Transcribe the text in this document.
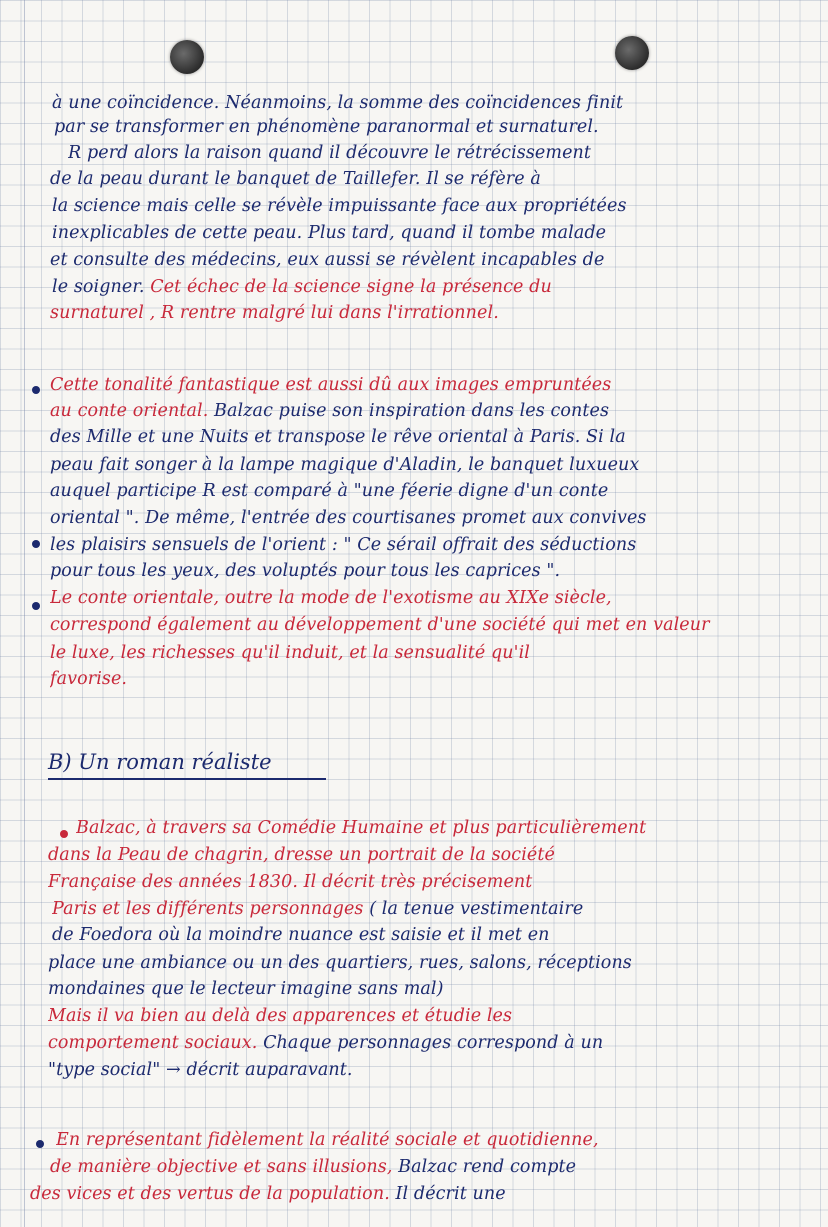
à une coïncidence. Néanmoins, la somme des coïncidences finit
par se transformer en phénomène paranormal et surnaturel.
R perd alors la raison quand il découvre le rétrécissement
de la peau durant le banquet de Taillefer. Il se réfère à
la science mais celle se révèle impuissante face aux propriétées
inexplicables de cette peau. Plus tard, quand il tombe malade
et consulte des médecins, eux aussi se révèlent incapables de
le soigner. Cet échec de la science signe la présence du
surnaturel , R rentre malgré lui dans l'irrationnel.
Cette tonalité fantastique est aussi dû aux images empruntées
au conte oriental. Balzac puise son inspiration dans les contes
des Mille et une Nuits et transpose le rêve oriental à Paris. Si la
peau fait songer à la lampe magique d'Aladin, le banquet luxueux
auquel participe R est comparé à "une féerie digne d'un conte
oriental ". De même, l'entrée des courtisanes promet aux convives
les plaisirs sensuels de l'orient : " Ce sérail offrait des séductions
pour tous les yeux, des voluptés pour tous les caprices ".
Le conte orientale, outre la mode de l'exotisme au XIXe siècle,
correspond également au développement d'une société qui met en valeur
le luxe, les richesses qu'il induit, et la sensualité qu'il
favorise.
B) Un roman réaliste
Balzac, à travers sa Comédie Humaine et plus particulièrement
dans la Peau de chagrin, dresse un portrait de la société
Française des années 1830. Il décrit très précisement
Paris et les différents personnages ( la tenue vestimentaire
de Foedora où la moindre nuance est saisie et il met en
place une ambiance ou un des quartiers, rues, salons, réceptions
mondaines que le lecteur imagine sans mal)
Mais il va bien au delà des apparences et étudie les
comportement sociaux. Chaque personnages correspond à un
"type social" → décrit auparavant.
En représentant fidèlement la réalité sociale et quotidienne,
de manière objective et sans illusions, Balzac rend compte
des vices et des vertus de la population. Il décrit une
